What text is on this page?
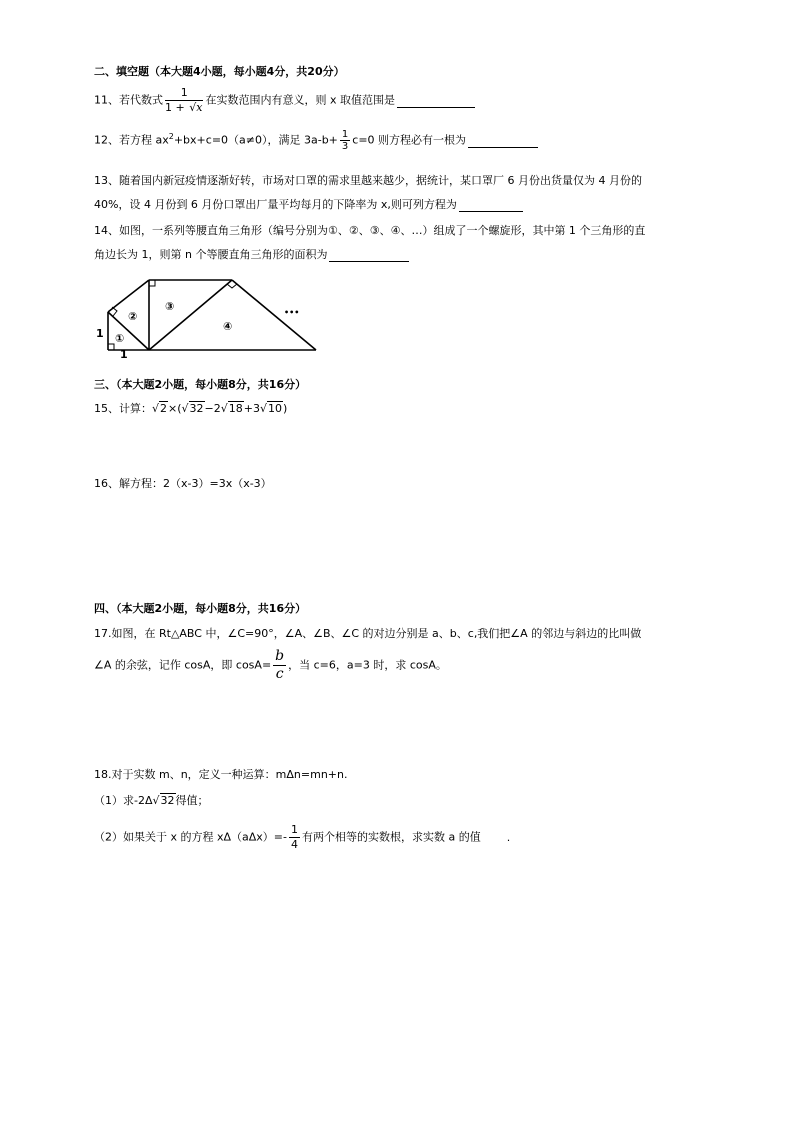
二、填空题（本大题4小题，每小题4分，共20分）
11、若代数式 $\frac{1}{1 + √x}$ 在实数范围内有意义，则 x 取值范围是
12、若方程 $ax^2+bx+c=0(a\ne 0)$，满足 $3a-b+ \frac{1}{3} c=0$ 则方程必有一根为
13、随着国内新冠疫情逐渐好转，市场对口罩的需求里越来越少，据统计，某口罩厂 6 月份出货量仅为 4 月份的
40%，设 4 月份到 6 月份口罩出厂量平均每月的下降率为 x,则可列方程为
14、如图，一系列等腰直角三角形（编号分别为①、②、③、④、…）组成了一个螺旋形，其中第 1 个三角形的直
角边长为 1，则第 n 个等腰直角三角形的面积为
1
1
①
②
③
④
•••
三、（本大题2小题，每小题8分，共16分）
15、计算：√2×(√32−2√18+3√10)
16、解方程：2（x-3）=3x（x-3）
四、（本大题2小题，每小题8分，共16分）
17.如图，在 Rt△ABC 中，∠C=90°，∠A、∠B、∠C 的对边分别是 a、b、c,我们把∠A 的邻边与斜边的比叫做
∠A 的余弦，记作 cosA，即 $\cos A= \frac{b}{c}$ ，当 c=6，a=3 时，求 cosA。
18.对于实数 m、n，定义一种运算：mΔn=mn+n.
（1）求-2Δ√32得值；
（2）如果关于 x 的方程 $x\Delta(a\Delta x)=- \frac{1}{4}$ 有两个相等的实数根，求实数 a 的值 .
